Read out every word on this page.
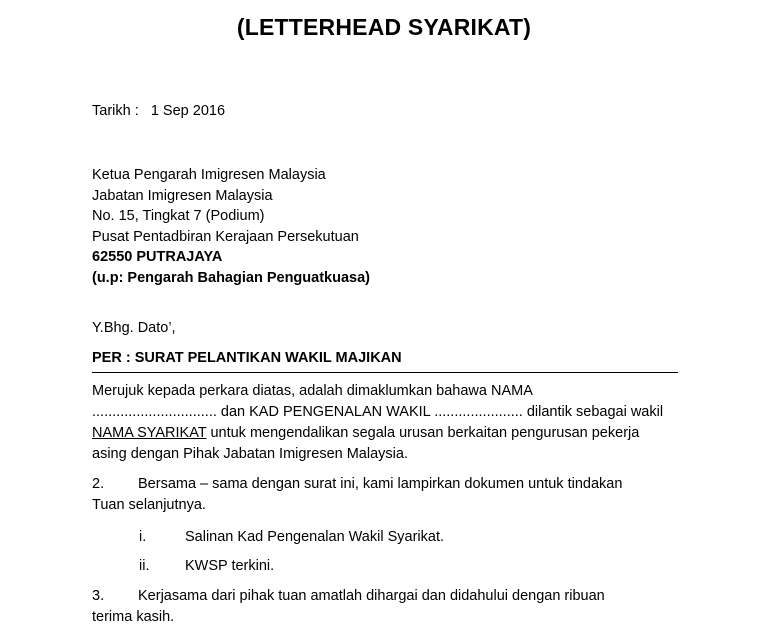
(LETTERHEAD SYARIKAT)
Tarikh : 1 Sep 2016
Ketua Pengarah Imigresen Malaysia
Jabatan Imigresen Malaysia
No. 15, Tingkat 7 (Podium)
Pusat Pentadbiran Kerajaan Persekutuan
62550 PUTRAJAYA
(u.p: Pengarah Bahagian Penguatkuasa)
Y.Bhg. Dato’,
PER : SURAT PELANTIKAN WAKIL MAJIKAN
Merujuk kepada perkara diatas, adalah dimaklumkan bahawa NAMA
............................... dan KAD PENGENALAN WAKIL ...................... dilantik sebagai wakil
NAMA SYARIKAT untuk mengendalikan segala urusan berkaitan pengurusan pekerja
asing dengan Pihak Jabatan Imigresen Malaysia.
2. Bersama – sama dengan surat ini, kami lampirkan dokumen untuk tindakan
Tuan selanjutnya.
i.	Salinan Kad Pengenalan Wakil Syarikat.
ii. KWSP terkini.
3. Kerjasama dari pihak tuan amatlah dihargai dan didahului dengan ribuan
terima kasih.
